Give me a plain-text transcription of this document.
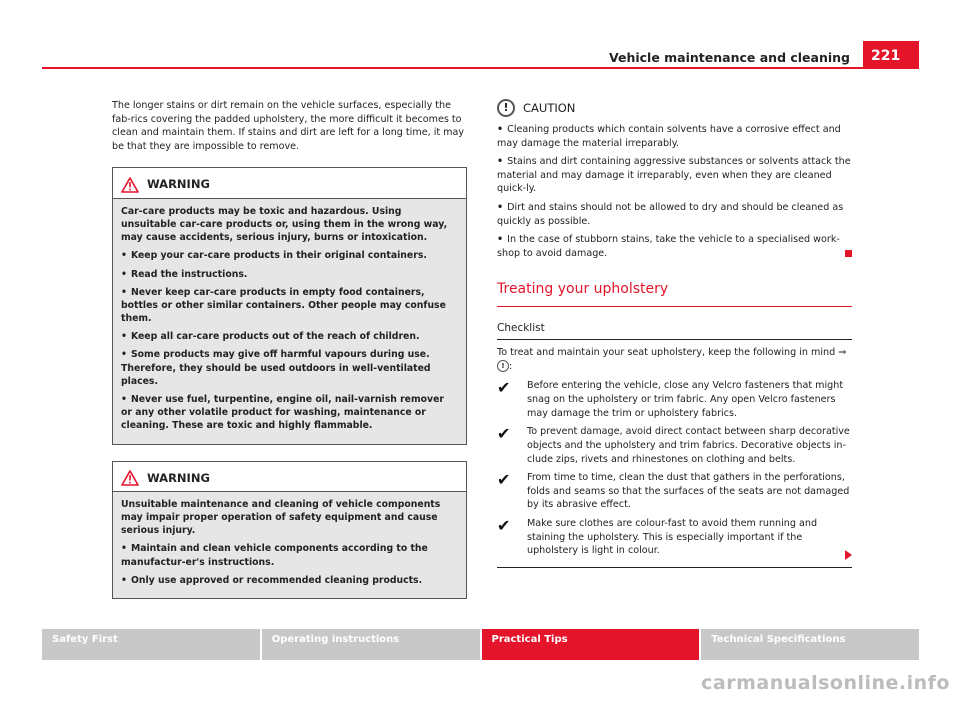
Vehicle maintenance and cleaning	221

The longer stains or dirt remain on the vehicle surfaces, especially the fab-rics covering the padded upholstery, the more difficult it becomes to clean and maintain them. If stains and dirt are left for a long time, it may be that they are impossible to remove.

WARNING

Car-care products may be toxic and hazardous. Using unsuitable car-care products or, using them in the wrong way, may cause accidents, serious injury, burns or intoxication.

• Keep your car-care products in their original containers.
• Read the instructions.
• Never keep car-care products in empty food containers, bottles or other similar containers. Other people may confuse them.
• Keep all car-care products out of the reach of children.
• Some products may give off harmful vapours during use. Therefore, they should be used outdoors in well-ventilated places.
• Never use fuel, turpentine, engine oil, nail-varnish remover or any other volatile product for washing, maintenance or cleaning. These are toxic and highly flammable.
WARNING

Unsuitable maintenance and cleaning of vehicle components may impair proper operation of safety equipment and cause serious injury.

• Maintain and clean vehicle components according to the manufactur-er's instructions.
• Only use approved or recommended cleaning products.
!	CAUTION
• Cleaning products which contain solvents have a corrosive effect and may damage the material irreparably.
• Stains and dirt containing aggressive substances or solvents attack the material and may damage it irreparably, even when they are cleaned quick-ly.
• Dirt and stains should not be allowed to dry and should be cleaned as quickly as possible.
• In the case of stubborn stains, take the vehicle to a specialised work-shop to avoid damage.
Treating your upholstery
Checklist

To treat and maintain your seat upholstery, keep the following in mind ⇒ ! :

✔	Before entering the vehicle, close any Velcro fasteners that might snag on the upholstery or trim fabric. Any open Velcro fasteners may damage the trim or upholstery fabrics.
✔	To prevent damage, avoid direct contact between sharp decorative objects and the upholstery and trim fabrics. Decorative objects in-clude zips, rivets and rhinestones on clothing and belts.
✔	From time to time, clean the dust that gathers in the perforations, folds and seams so that the surfaces of the seats are not damaged by its abrasive effect.
✔	Make sure clothes are colour-fast to avoid them running and staining the upholstery. This is especially important if the upholstery is light in colour.
Safety First	Operating instructions	Practical Tips	Technical Specifications
carmanualsonline.info
